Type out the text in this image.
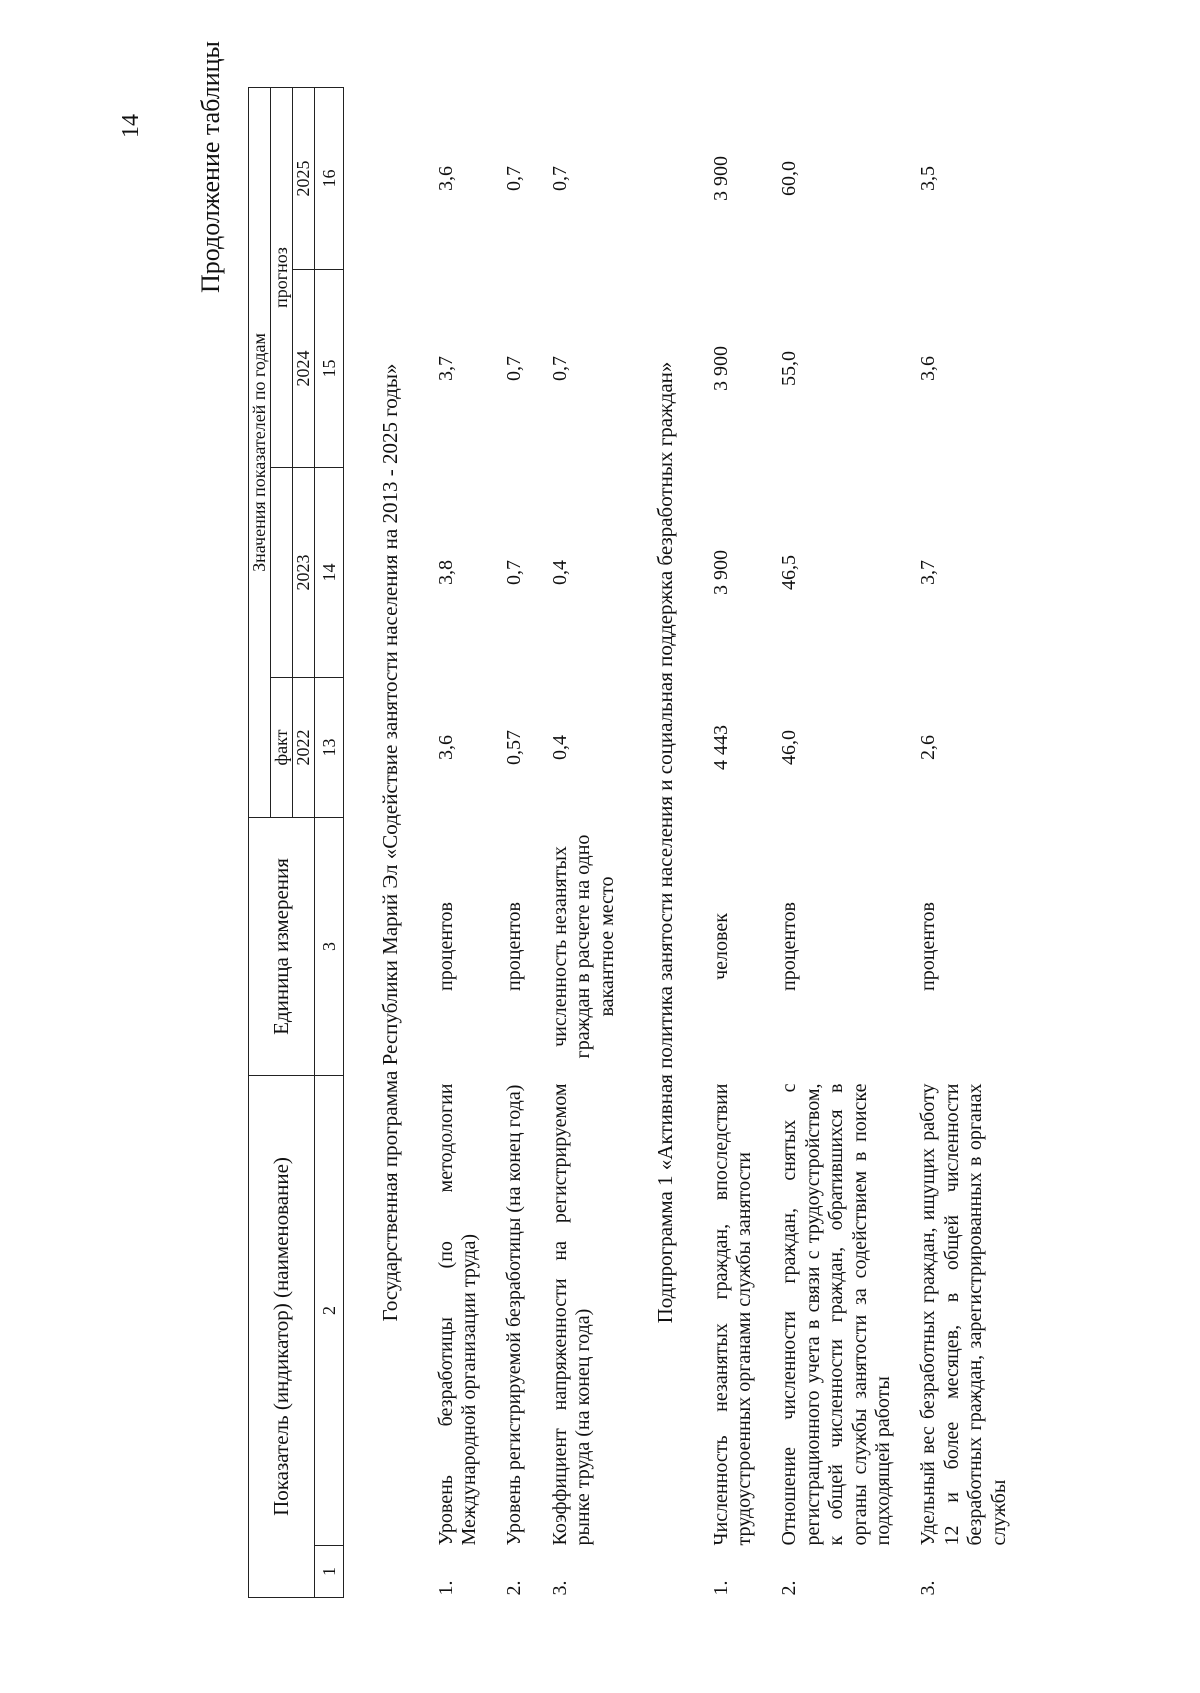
14 Продолжение таблицы
Показатель (индикатор) (наименование)		Единица измерения	Значения показателей по годам			
			факт		прогноз	
			2022	2023	2024	2025
1	2	3	13	14	15	16
Государственная программа Республики Марий Эл «Содействие занятости населения на 2013 - 2025 годы»						
1.	Уровень безработицы (по методологии Международной организации труда)	процентов	3,6	3,8	3,7	3,6
2.	Уровень регистрируемой безработицы (на конец года)	процентов	0,57	0,7	0,7	0,7
3.	Коэффициент напряженности на регистрируемом рынке труда (на конец года)	численность незанятых граждан в расчете на одно вакантное место	0,4	0,4	0,7	0,7
Подпрограмма 1 «Активная политика занятости населения и социальная поддержка безработных граждан»						
1.	Численность незанятых граждан, впоследствии трудоустроенных органами службы занятости	человек	4 443	3 900	3 900	3 900
2.	Отношение численности граждан, снятых с регистрационного учета в связи с трудоустройством, к общей численности граждан, обратившихся в органы службы занятости за содействием в поиске подходящей работы	процентов	46,0	46,5	55,0	60,0
3.	Удельный вес безработных граждан, ищущих работу 12 и более месяцев, в общей численности безработных граждан, зарегистрированных в органах службы	процентов	2,6	3,7	3,6	3,5
